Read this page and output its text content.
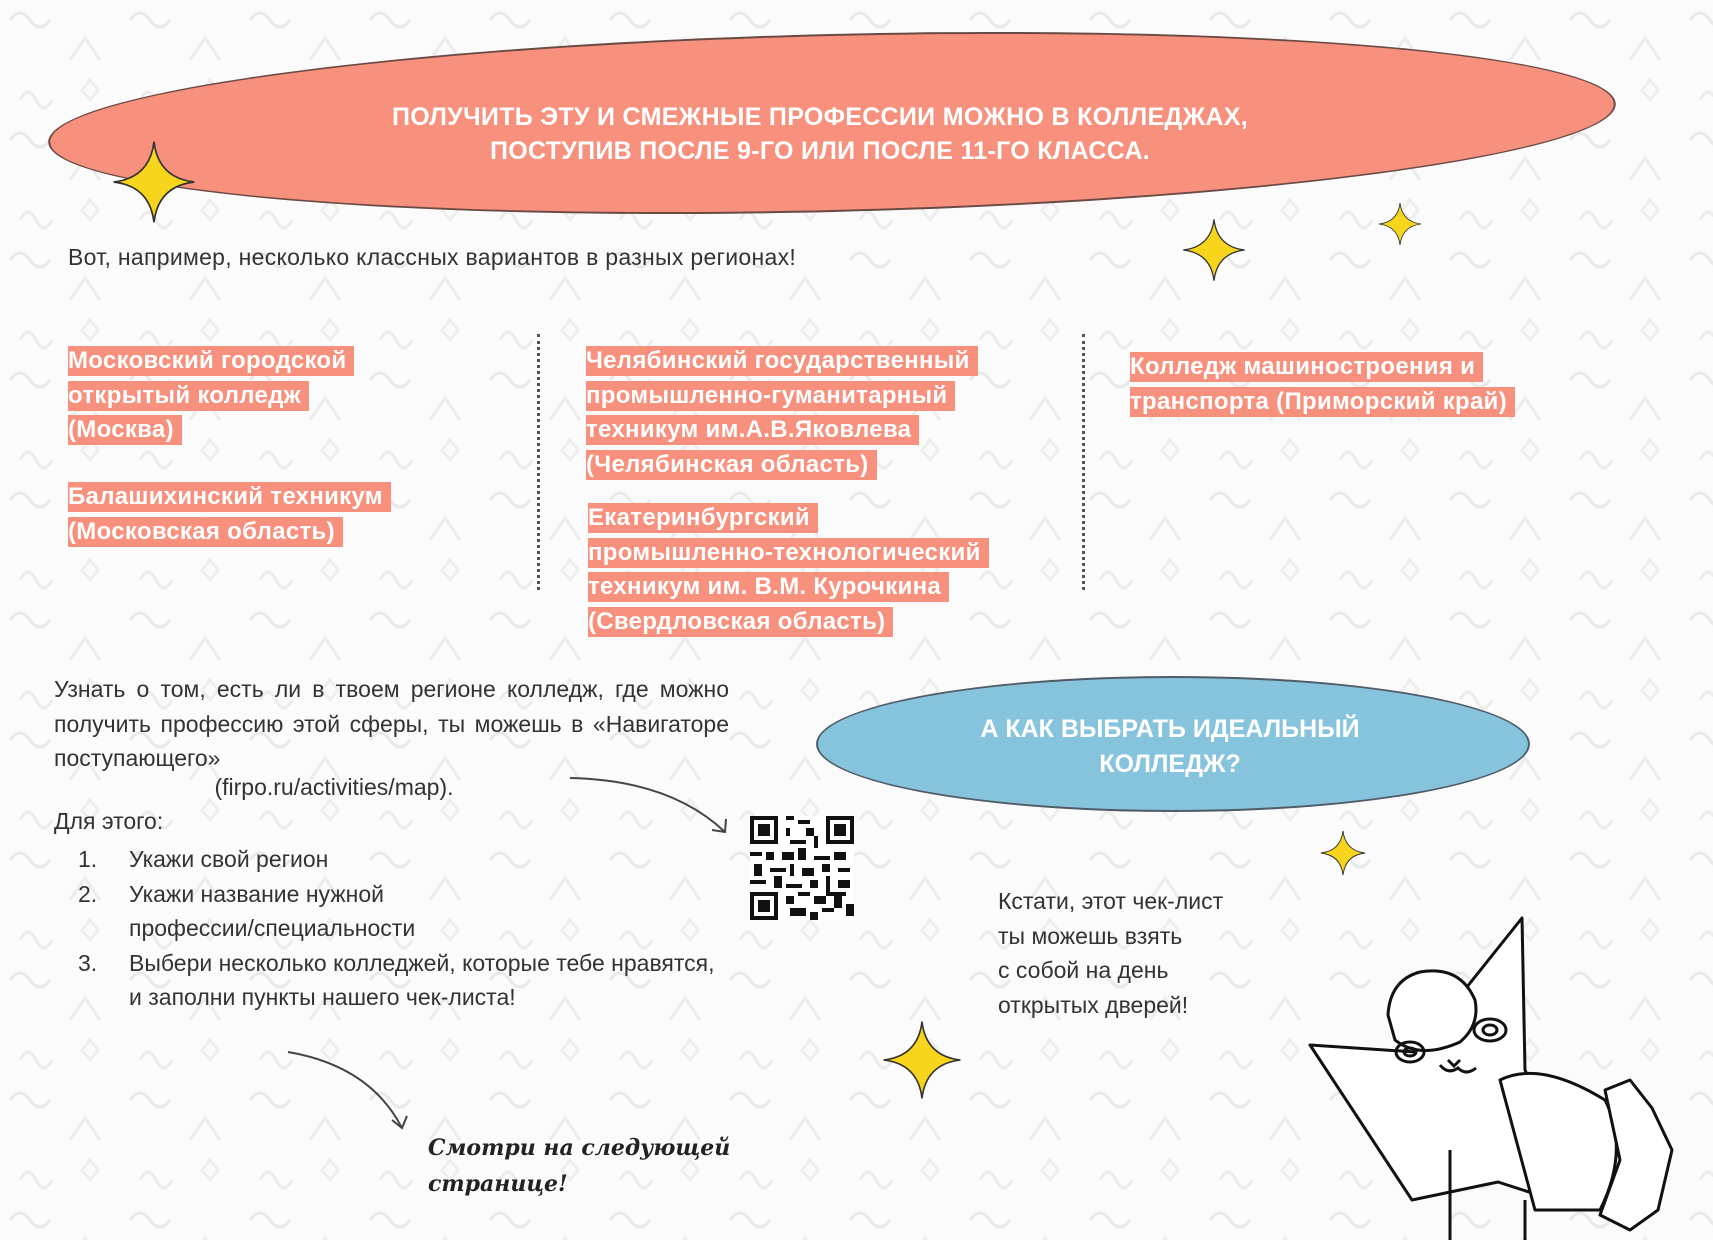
ПОЛУЧИТЬ ЭТУ И СМЕЖНЫЕ ПРОФЕССИИ МОЖНО В КОЛЛЕДЖАХ,
ПОСТУПИВ ПОСЛЕ 9-ГО ИЛИ ПОСЛЕ 11-ГО КЛАССА.
Вот, например, несколько классных вариантов в разных регионах!
Московский городской
открытый колледж
(Москва)
Балашихинский техникум
(Московская область)
Челябинский государственный
промышленно-гуманитарный
техникум им.А.В.Яковлева
(Челябинская область)
Екатеринбургский
промышленно-технологический
техникум им. В.М. Курочкина
(Свердловская область)
Колледж машиностроения и
транспорта (Приморский край)
Узнать о том, есть ли в твоем регионе колледж, где можно получить профессию этой сферы, ты можешь в «Навигаторе поступающего»
(firpo.ru/activities/map).
Для этого:
1.	Укажи свой регион
2.	Укажи название нужной профессии/специальности
3.	Выбери несколько колледжей, которые тебе нравятся, и заполни пункты нашего чек-листа!
А КАК ВЫБРАТЬ ИДЕАЛЬНЫЙ
КОЛЛЕДЖ?
Кстати, этот чек-лист
ты можешь взять
с собой на день
открытых дверей!
Смотри на следующей
страницe!
